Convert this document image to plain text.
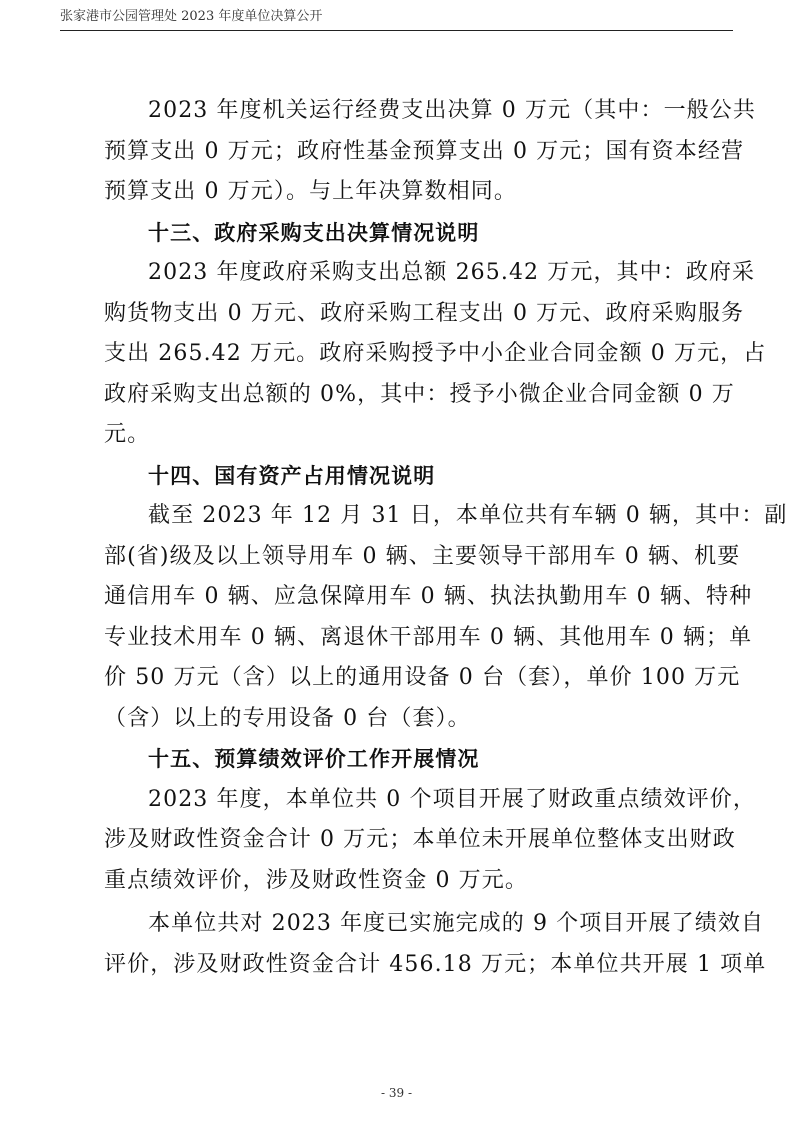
张家港市公园管理处 2023 年度单位决算公开
2023 年度机关运行经费支出决算 0 万元（其中：一般公共
预算支出 0 万元；政府性基金预算支出 0 万元；国有资本经营
预算支出 0 万元）。与上年决算数相同。
十三、政府采购支出决算情况说明
2023 年度政府采购支出总额 265.42 万元，其中：政府采
购货物支出 0 万元、政府采购工程支出 0 万元、政府采购服务
支出 265.42 万元。政府采购授予中小企业合同金额 0 万元，占
政府采购支出总额的 0%，其中：授予小微企业合同金额 0 万
元。
十四、国有资产占用情况说明
截至 2023 年 12 月 31 日，本单位共有车辆 0 辆，其中：副
部(省)级及以上领导用车 0 辆、主要领导干部用车 0 辆、机要
通信用车 0 辆、应急保障用车 0 辆、执法执勤用车 0 辆、特种
专业技术用车 0 辆、离退休干部用车 0 辆、其他用车 0 辆；单
价 50 万元（含）以上的通用设备 0 台（套），单价 100 万元
（含）以上的专用设备 0 台（套）。
十五、预算绩效评价工作开展情况
2023 年度，本单位共 0 个项目开展了财政重点绩效评价，
涉及财政性资金合计 0 万元；本单位未开展单位整体支出财政
重点绩效评价，涉及财政性资金 0 万元。
本单位共对 2023 年度已实施完成的 9 个项目开展了绩效自
评价，涉及财政性资金合计 456.18 万元；本单位共开展 1 项单
- 39 -
